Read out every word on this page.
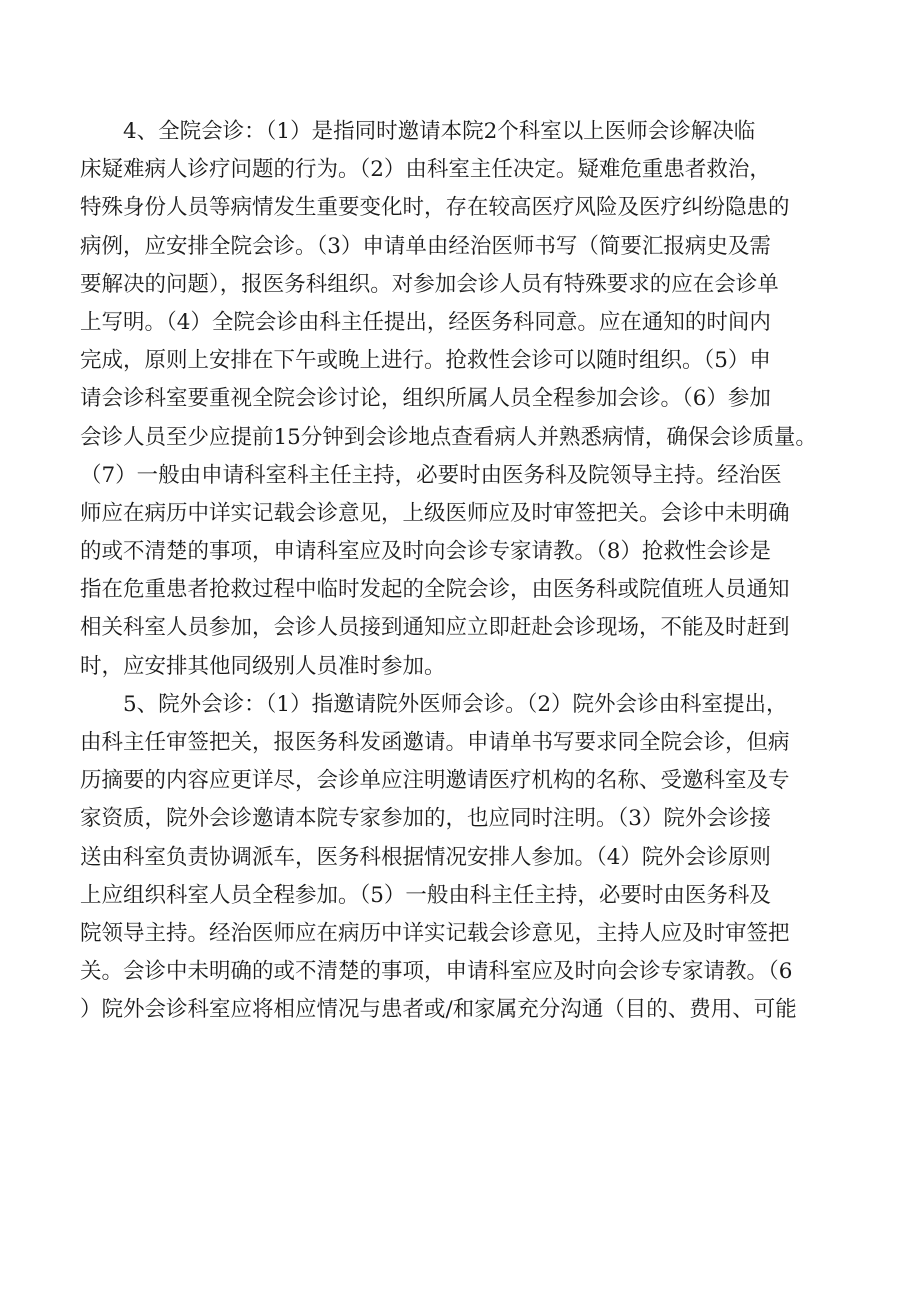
4、全院会诊：（1）是指同时邀请本院2个科室以上医师会诊解决临
床疑难病人诊疗问题的行为。（2）由科室主任决定。疑难危重患者救治，
特殊身份人员等病情发生重要变化时，存在较高医疗风险及医疗纠纷隐患的
病例，应安排全院会诊。（3）申请单由经治医师书写（简要汇报病史及需
要解决的问题），报医务科组织。对参加会诊人员有特殊要求的应在会诊单
上写明。（4）全院会诊由科主任提出，经医务科同意。应在通知的时间内
完成，原则上安排在下午或晚上进行。抢救性会诊可以随时组织。（5）申
请会诊科室要重视全院会诊讨论，组织所属人员全程参加会诊。（6）参加
会诊人员至少应提前15分钟到会诊地点查看病人并熟悉病情，确保会诊质量。
（7）一般由申请科室科主任主持，必要时由医务科及院领导主持。经治医
师应在病历中详实记载会诊意见，上级医师应及时审签把关。会诊中未明确
的或不清楚的事项，申请科室应及时向会诊专家请教。（8）抢救性会诊是
指在危重患者抢救过程中临时发起的全院会诊，由医务科或院值班人员通知
相关科室人员参加，会诊人员接到通知应立即赶赴会诊现场，不能及时赶到
时，应安排其他同级别人员准时参加。
5、院外会诊：（1）指邀请院外医师会诊。（2）院外会诊由科室提出，
由科主任审签把关，报医务科发函邀请。申请单书写要求同全院会诊，但病
历摘要的内容应更详尽，会诊单应注明邀请医疗机构的名称、受邀科室及专
家资质，院外会诊邀请本院专家参加的，也应同时注明。（3）院外会诊接
送由科室负责协调派车，医务科根据情况安排人参加。（4）院外会诊原则
上应组织科室人员全程参加。（5）一般由科主任主持，必要时由医务科及
院领导主持。经治医师应在病历中详实记载会诊意见，主持人应及时审签把
关。会诊中未明确的或不清楚的事项，申请科室应及时向会诊专家请教。（6
）院外会诊科室应将相应情况与患者或/和家属充分沟通（目的、费用、可能
